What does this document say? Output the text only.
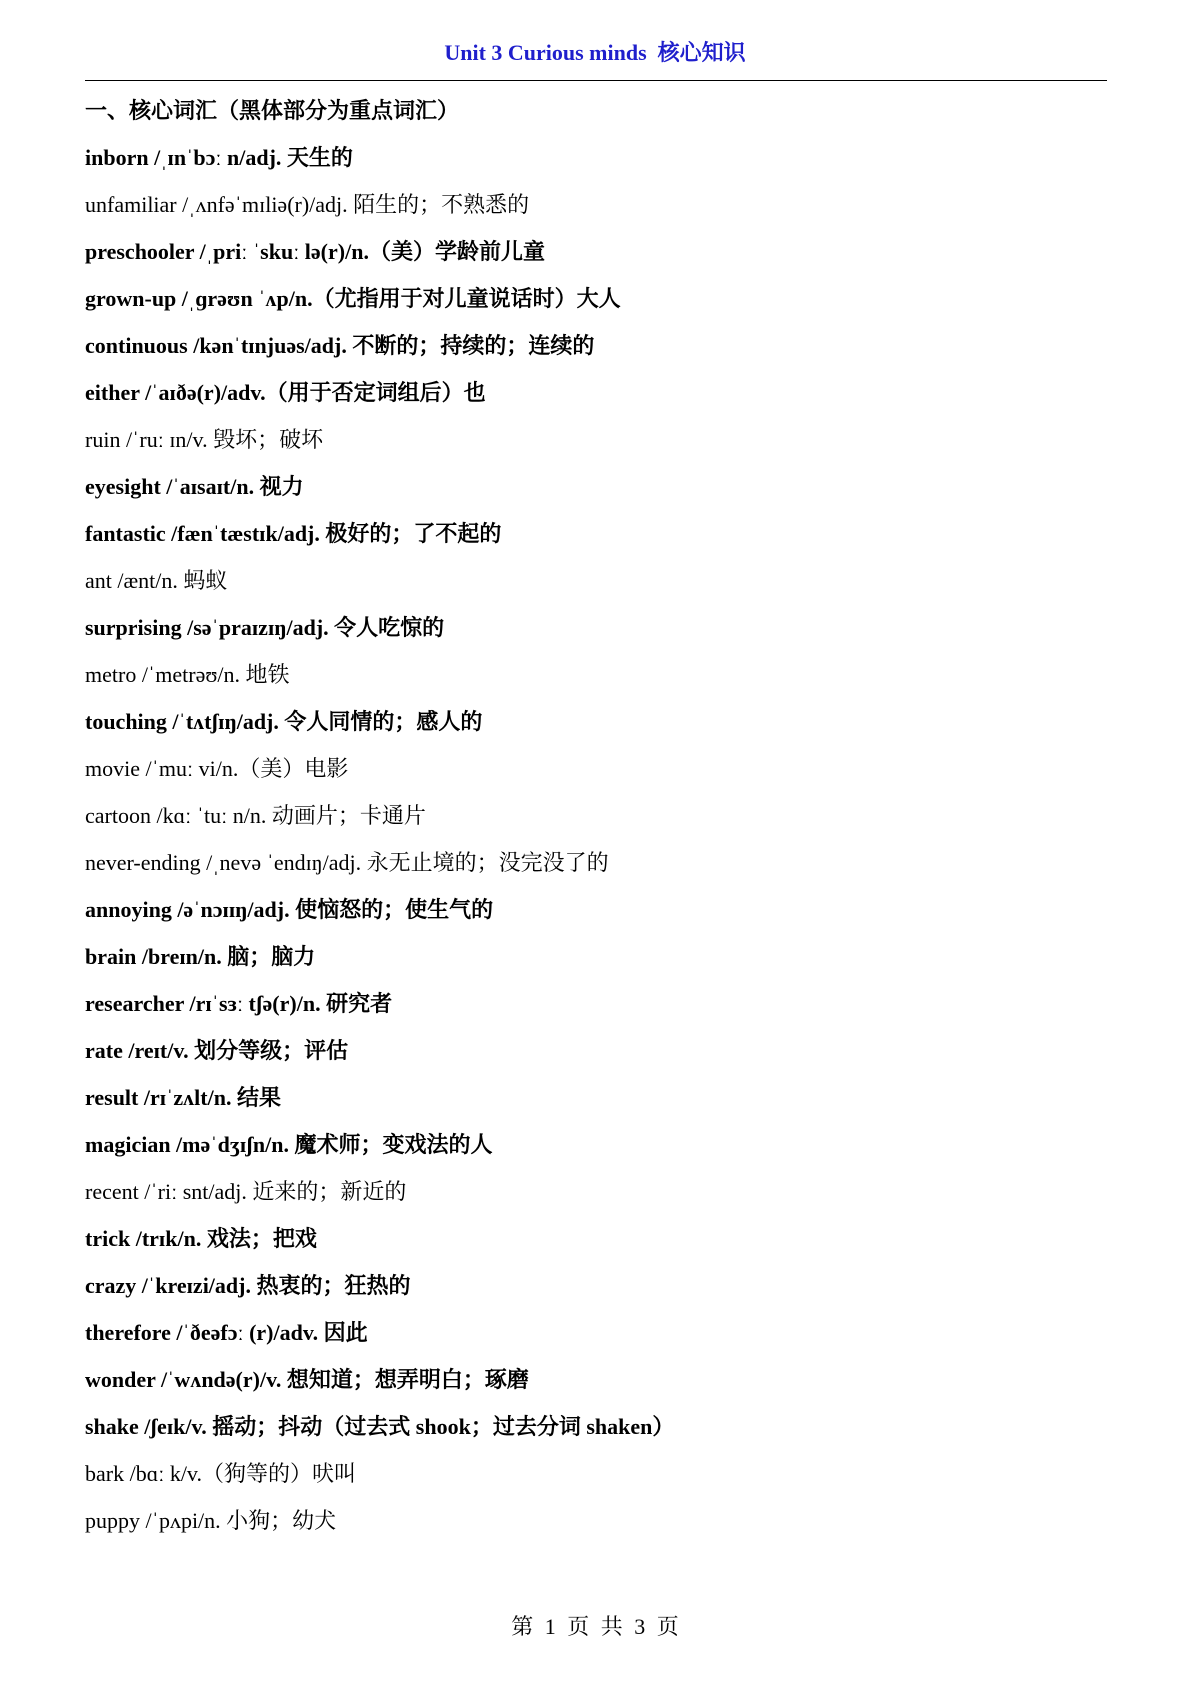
Unit 3 Curious minds  核心知识
一、核心词汇（黑体部分为重点词汇）
inborn /ˌɪnˈbɔː n/adj. 天生的
unfamiliar /ˌʌnfəˈmɪliə(r)/adj. 陌生的；不熟悉的
preschooler /ˌpriː ˈskuː lə(r)/n.（美）学龄前儿童
grown-up /ˌɡrəʊn ˈʌp/n.（尤指用于对儿童说话时）大人
continuous /kənˈtɪnjuəs/adj. 不断的；持续的；连续的
either /ˈaɪðə(r)/adv.（用于否定词组后）也
ruin /ˈruː ɪn/v. 毁坏；破坏
eyesight /ˈaɪsaɪt/n. 视力
fantastic /fænˈtæstɪk/adj. 极好的；了不起的
ant /ænt/n. 蚂蚁
surprising /səˈpraɪzɪŋ/adj. 令人吃惊的
metro /ˈmetrəʊ/n. 地铁
touching /ˈtʌtʃɪŋ/adj. 令人同情的；感人的
movie /ˈmuː vi/n.（美）电影
cartoon /kɑː ˈtuː n/n. 动画片；卡通片
never-ending /ˌnevə ˈendɪŋ/adj. 永无止境的；没完没了的
annoying /əˈnɔɪɪŋ/adj. 使恼怒的；使生气的
brain /breɪn/n. 脑；脑力
researcher /rɪˈsɜː tʃə(r)/n. 研究者
rate /reɪt/v. 划分等级；评估
result /rɪˈzʌlt/n. 结果
magician /məˈdʒɪʃn/n. 魔术师；变戏法的人
recent /ˈriː snt/adj. 近来的；新近的
trick /trɪk/n. 戏法；把戏
crazy /ˈkreɪzi/adj. 热衷的；狂热的
therefore /ˈðeəfɔː (r)/adv. 因此
wonder /ˈwʌndə(r)/v. 想知道；想弄明白；琢磨
shake /ʃeɪk/v. 摇动；抖动（过去式 shook；过去分词 shaken）
bark /bɑː k/v.（狗等的）吠叫
puppy /ˈpʌpi/n. 小狗；幼犬
第 1 页 共 3 页
